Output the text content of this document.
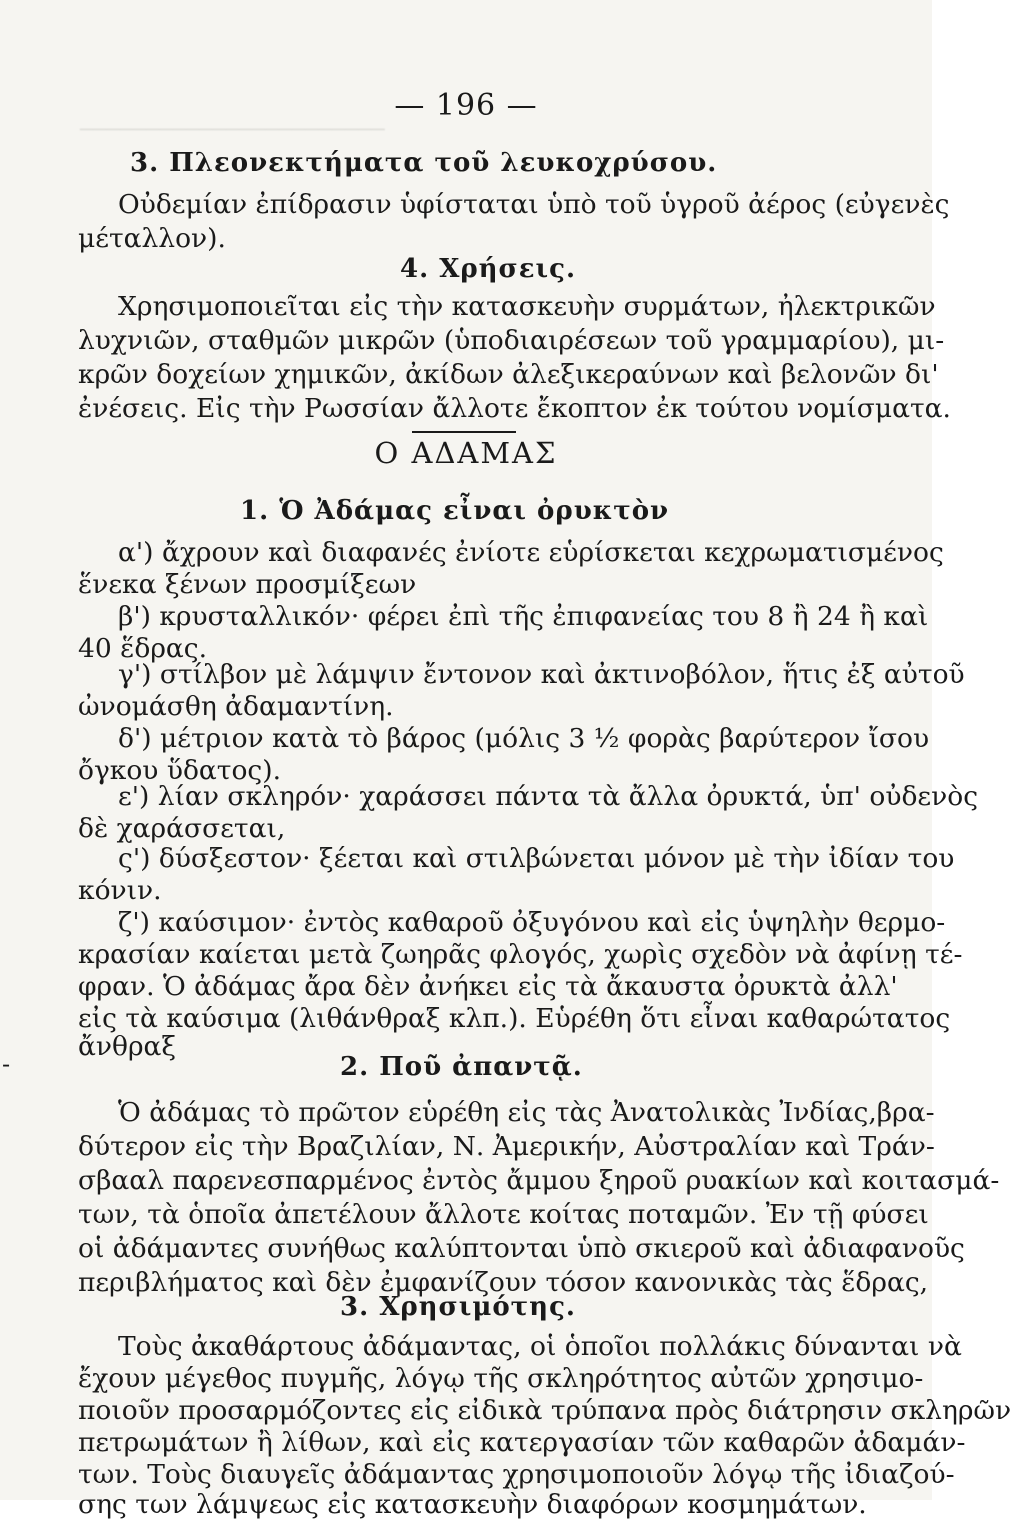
───────────────────────
— 196 —
3. Πλεονεκτήματα τοῦ λευκοχρύσου.
Οὐδεμίαν ἐπίδρασιν ὑφίσταται ὑπὸ τοῦ ὑγροῦ ἀέρος (εὐγενὲς
μέταλλον).
4. Χρήσεις.
Χρησιμοποιεῖται εἰς τὴν κατασκευὴν συρμάτων, ἠλεκτρικῶν
λυχνιῶν, σταθμῶν μικρῶν (ὑποδιαιρέσεων τοῦ γραμμαρίου), μι-
κρῶν δοχείων χημικῶν, ἀκίδων ἀλεξικεραύνων καὶ βελονῶν δι'
ἐνέσεις. Εἰς τὴν Ρωσσίαν ἄλλοτε ἔκοπτον ἐκ τούτου νομίσματα.
Ο ΑΔΑΜΑΣ
1. Ὁ Ἀδάμας εἶναι ὀρυκτὸν
α') ἄχρουν καὶ διαφανές ἐνίοτε εὑρίσκεται κεχρωματισμένος
ἕνεκα ξένων προσμίξεων
β') κρυσταλλικόν· φέρει ἐπὶ τῆς ἐπιφανείας του 8 ἢ 24 ἢ καὶ
40 ἕδρας.
γ') στίλβον μὲ λάμψιν ἔντονον καὶ ἀκτινοβόλον, ἥτις ἐξ αὐτοῦ
ὠνομάσθη ἀδαμαντίνη.
δ') μέτριον κατὰ τὸ βάρος (μόλις 3 ½ φορὰς βαρύτερον ἴσου
ὄγκου ὕδατος).
ε') λίαν σκληρόν· χαράσσει πάντα τὰ ἄλλα ὀρυκτά, ὑπ' οὐδενὸς
δὲ χαράσσεται,
ς') δύσξεστον· ξέεται καὶ στιλβώνεται μόνον μὲ τὴν ἰδίαν του
κόνιν.
ζ') καύσιμον· ἐντὸς καθαροῦ ὀξυγόνου καὶ εἰς ὑψηλὴν θερμο-
κρασίαν καίεται μετὰ ζωηρᾶς φλογός, χωρὶς σχεδὸν νὰ ἀφίνῃ τέ-
φραν. Ὁ ἀδάμας ἄρα δὲν ἀνήκει εἰς τὰ ἄκαυστα ὀρυκτὰ ἀλλ'
εἰς τὰ καύσιμα (λιθάνθραξ κλπ.). Εὑρέθη ὅτι εἶναι καθαρώτατος
ἄνθραξ
-	2. Ποῦ ἀπαντᾷ.
Ὁ ἀδάμας τὸ πρῶτον εὑρέθη εἰς τὰς Ἀνατολικὰς Ἰνδίας,βρα-
δύτερον εἰς τὴν Βραζιλίαν, Ν. Ἀμερικήν, Αὐστραλίαν καὶ Τράν-
σβααλ παρενεσπαρμένος ἐντὸς ἄμμου ξηροῦ ρυακίων καὶ κοιτασμά-
των, τὰ ὁποῖα ἀπετέλουν ἄλλοτε κοίτας ποταμῶν. Ἐν τῇ φύσει
οἱ ἀδάμαντες συνήθως καλύπτονται ὑπὸ σκιεροῦ καὶ ἀδιαφανοῦς
περιβλήματος καὶ δὲν ἐμφανίζουν τόσον κανονικὰς τὰς ἕδρας,
3. Χρησιμότης.
Τοὺς ἀκαθάρτους ἀδάμαντας, οἱ ὁποῖοι πολλάκις δύνανται νὰ
ἔχουν μέγεθος πυγμῆς, λόγῳ τῆς σκληρότητος αὐτῶν χρησιμο-
ποιοῦν προσαρμόζοντες εἰς εἰδικὰ τρύπανα πρὸς διάτρησιν σκληρῶν
πετρωμάτων ἢ λίθων, καὶ εἰς κατεργασίαν τῶν καθαρῶν ἀδαμάν-
των. Τοὺς διαυγεῖς ἀδάμαντας χρησιμοποιοῦν λόγῳ τῆς ἰδιαζού-
σης των λάμψεως εἰς κατασκευὴν διαφόρων κοσμημάτων.
